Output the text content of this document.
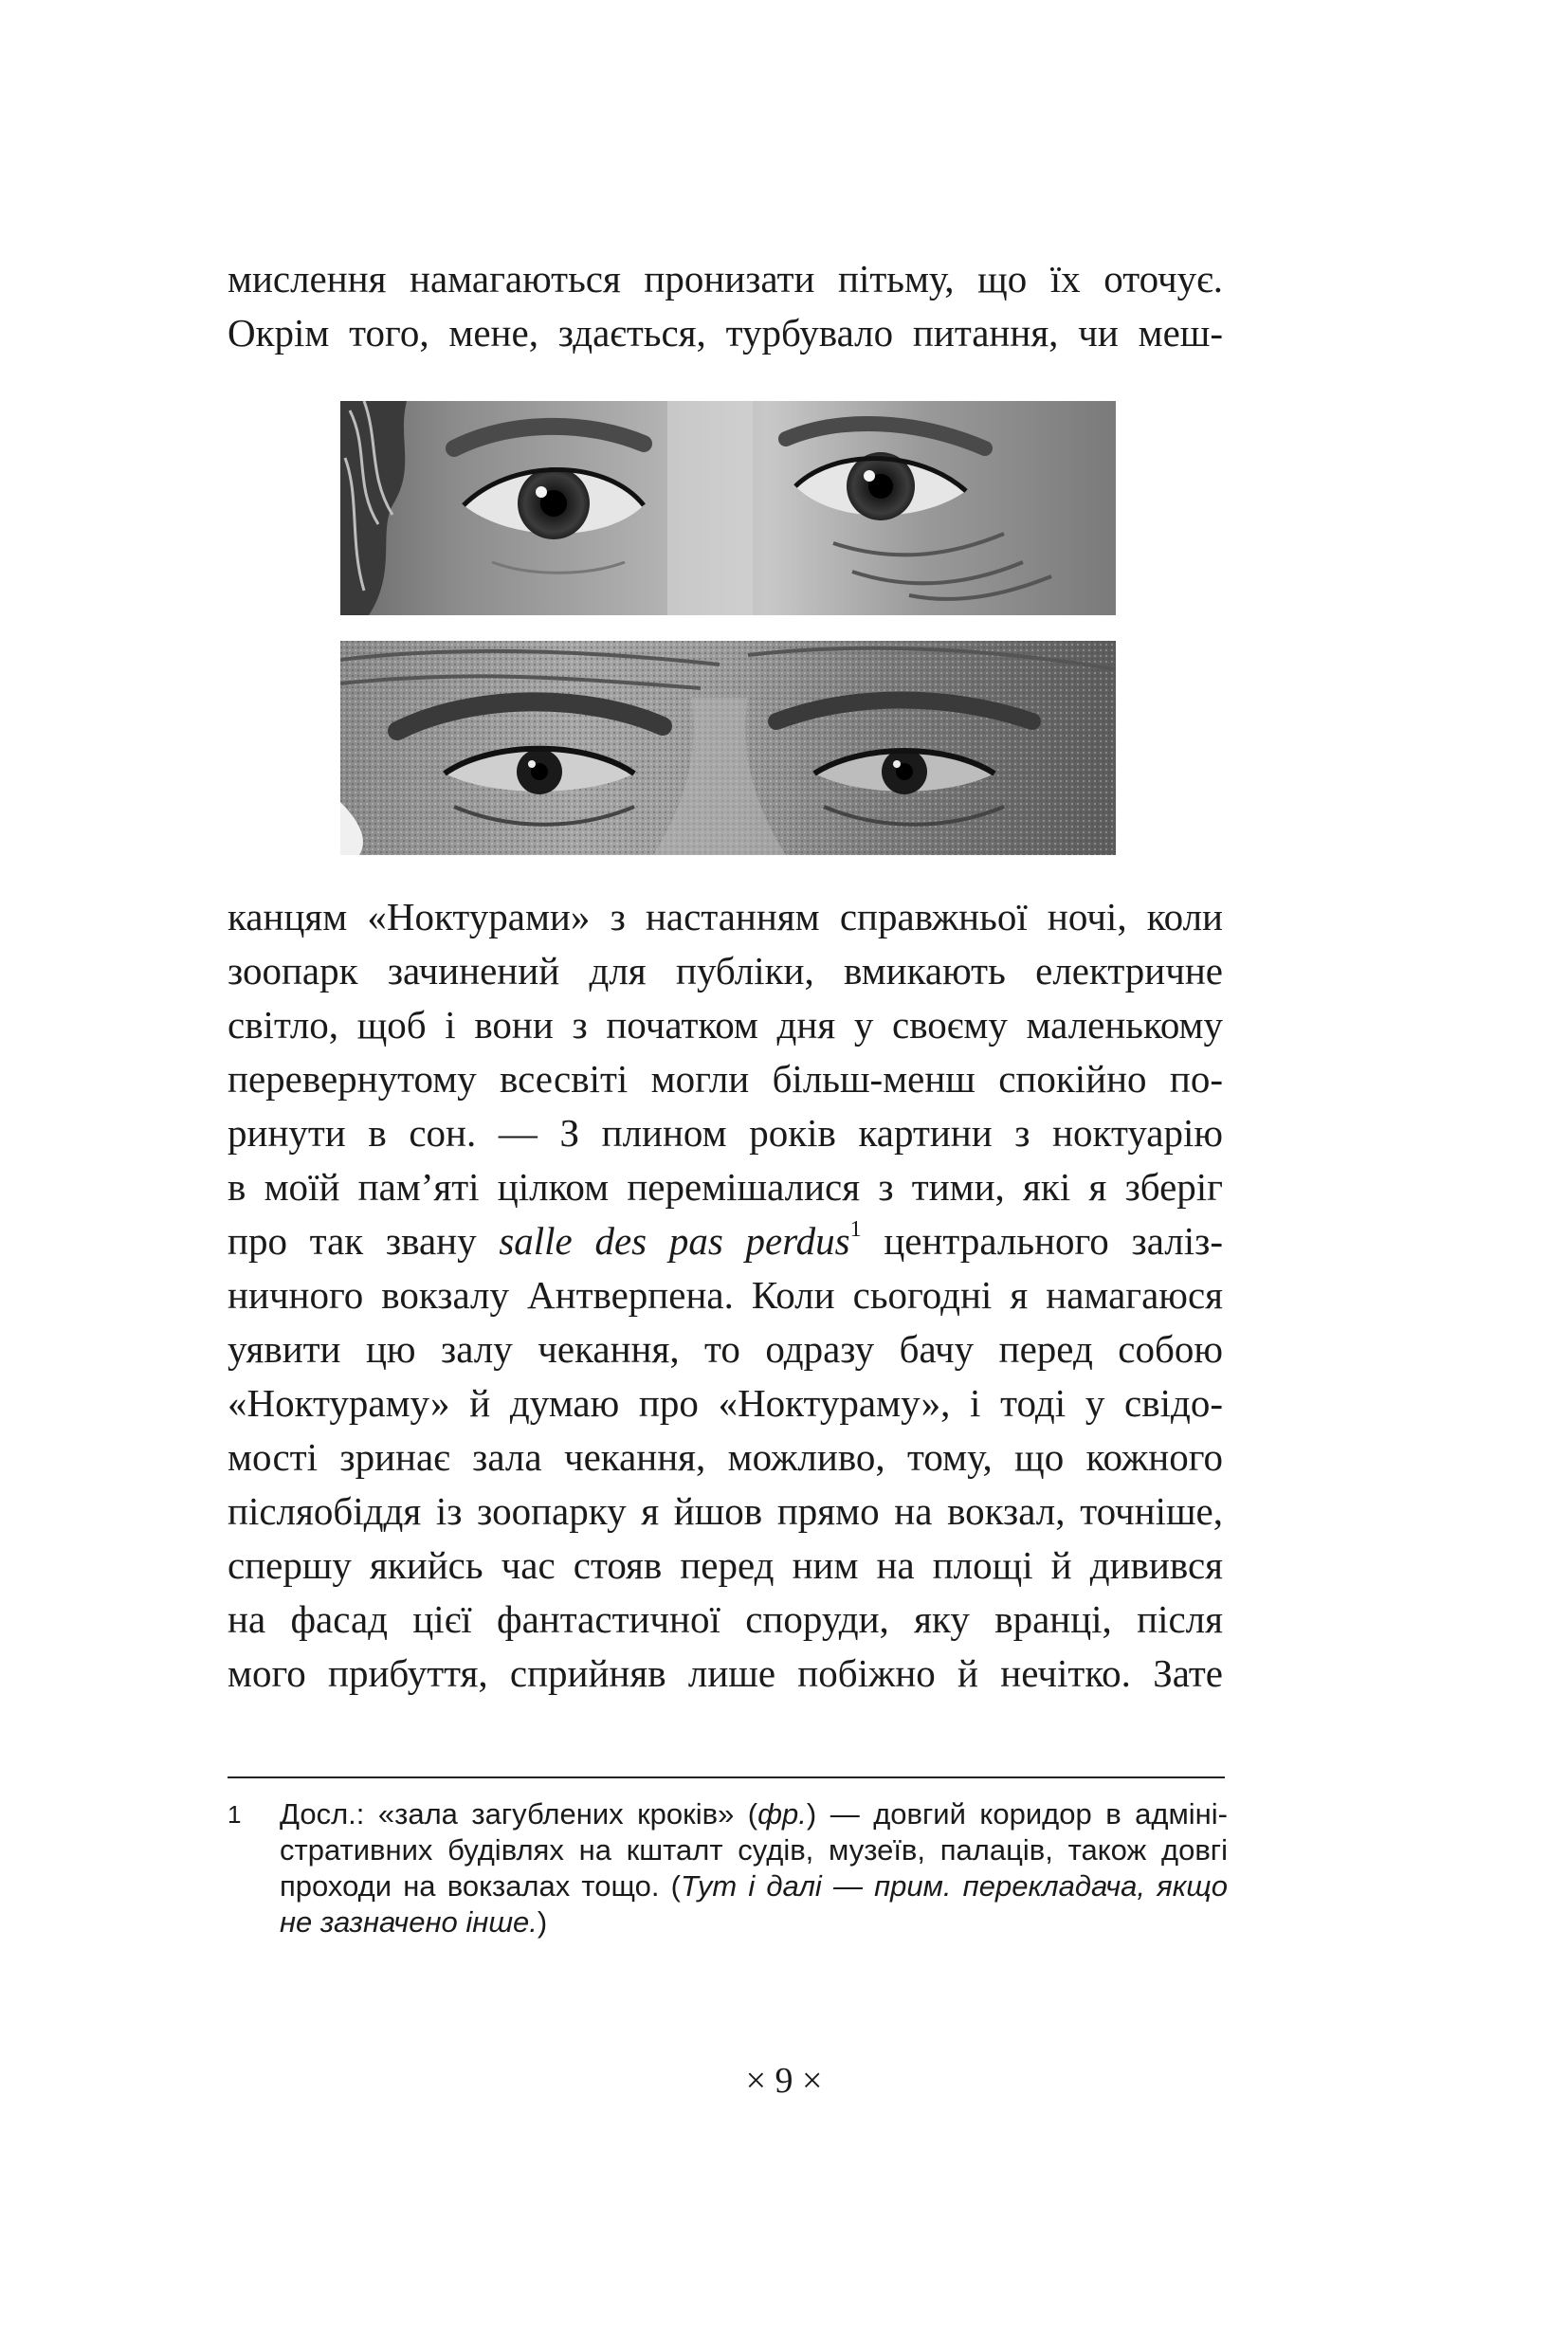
мислення намагаються пронизати пітьму, що їх оточує.
Окрім того, мене, здається, турбувало питання, чи меш-
канцям «Ноктурами» з настанням справжньої ночі, коли
зоопарк зачинений для публіки, вмикають електричне
світло, щоб і вони з початком дня у своєму маленькому
перевернутому всесвіті могли більш-менш спокійно по-
ринути в сон. — З плином років картини з ноктуарію
в моїй пам’яті цілком перемішалися з тими, які я зберіг
про так звану salle des pas perdus$^1$ центрального заліз-
ничного вокзалу Антверпена. Коли сьогодні я намагаюся
уявити цю залу чекання, то одразу бачу перед собою
«Ноктураму» й думаю про «Ноктураму», і тоді у свідо-
мості зринає зала чекання, можливо, тому, що кожного
післяобіддя із зоопарку я йшов прямо на вокзал, точніше,
спершу якийсь час стояв перед ним на площі й дивився
на фасад цієї фантастичної споруди, яку вранці, після
мого прибуття, сприйняв лише побіжно й нечітко. Зате
1 Досл.: «зала загублених кроків» (фр.) — довгий коридор в адміні-
стративних будівлях на кшталт судів, музеїв, палаців, також довгі
проходи на вокзалах тощо. (Тут і далі — прим. перекладача, якщо
не зазначено інше.)
× 9 ×
